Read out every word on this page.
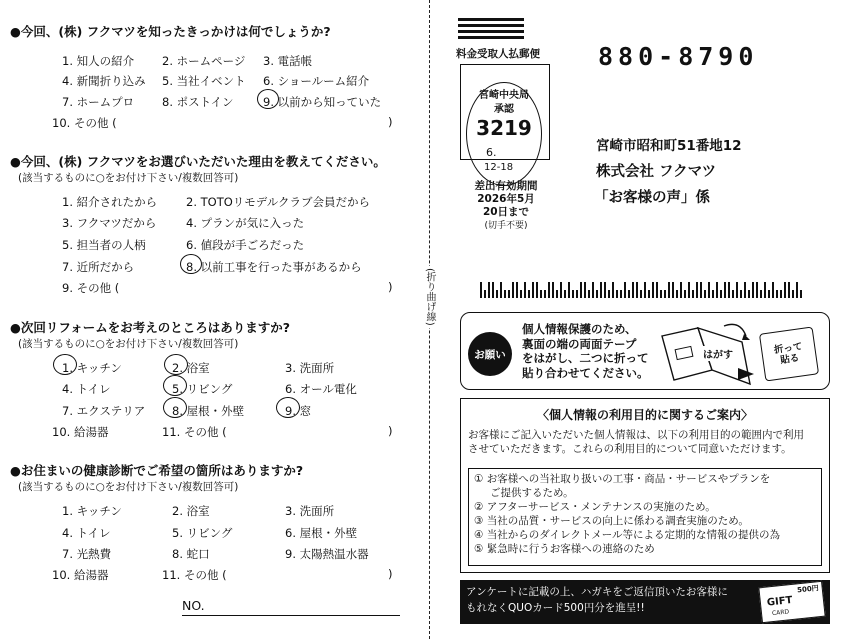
●今回、(株) フクマツを知ったきっかけは何でしょうか?
1. 知人の紹介 2. ホームページ 3. 電話帳
4. 新聞折り込み 5. 当社イベント 6. ショールーム紹介
7. ホームプロ 8. ポストイン	9. 以前から知っていた
10. その他 (	)
●今回、(株) フクマツをお選びいただいた理由を教えてください。
(該当するものに○をお付け下さい/複数回答可)
1. 紹介されたから	2. TOTOリモデルクラブ会員だから
3. フクマツだから	4. プランが気に入った
5. 担当者の人柄	6. 値段が手ごろだった
7. 近所だから	8. 以前工事を行った事があるから
9. その他 (	)
●次回リフォームをお考えのところはありますか?
(該当するものに○をお付け下さい/複数回答可)
1. キッチン	2. 浴室	3. 洗面所
4. トイレ	5. リビング	6. オール電化
7. エクステリア 8. 屋根・外壁	9. 窓
10. 給湯器	11. その他 (	)
●お住まいの健康診断でご希望の箇所はありますか?
(該当するものに○をお付け下さい/複数回答可)
1. キッチン	2. 浴室	3. 洗面所
4. トイレ	5. リビング	6. 屋根・外壁
7. 光熱費	8. 蛇口	9. 太陽熱温水器
10. 給湯器	11. その他 (	)
NO.
(折り曲げ線)
料金受取人払郵便
宮崎中央局
承認
3219
6.
12-18
差出有効期間
2026年5月
20日まで
(切手不要)
880-8790
宮崎市昭和町51番地12
株式会社 フクマツ
「お客様の声」係
お願い
個人情報保護のため、
裏面の端の両面テープ
をはがし、二つに折って
貼り合わせてください。
はがす	折って
貼る
〈個人情報の利用目的に関するご案内〉
お客様にご記入いただいた個人情報は、以下の利用目的の範囲内で利用
させていただきます。これらの利用目的について同意いただけます。
① お客様への当社取り扱いの工事・商品・サービスやプランを
ご提供するため。
② アフターサービス・メンテナンスの実施のため。
③ 当社の品質・サービスの向上に係わる調査実施のため。
④ 当社からのダイレクトメール等による定期的な情報の提供の為
⑤ 緊急時に行うお客様への連絡のため
アンケートに記載の上、ハガキをご返信頂いたお客様に
もれなくQUOカード500円分を進呈!!
500円
GIFT
CARD
